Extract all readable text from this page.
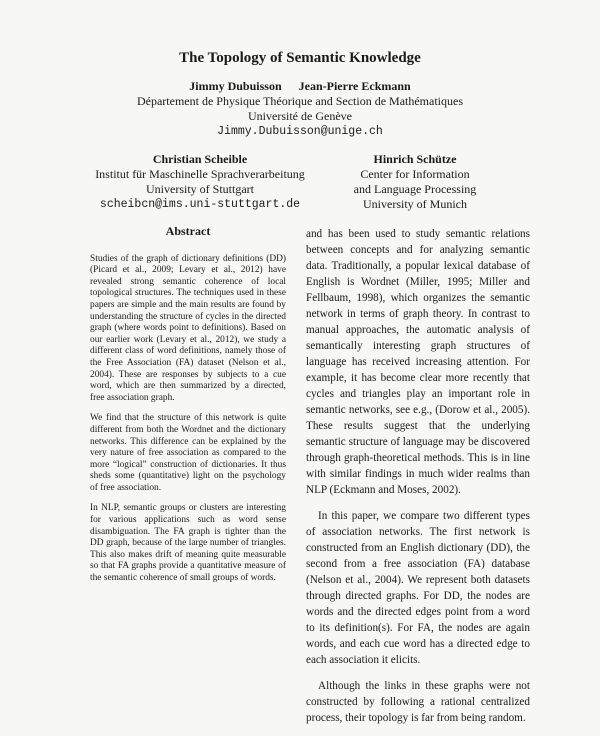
The Topology of Semantic Knowledge
Jimmy Dubuisson Jean-Pierre Eckmann
Département de Physique Théorique and Section de Mathématiques
Université de Genève
Jimmy.Dubuisson@unige.ch
Christian Scheible
Institut für Maschinelle Sprachverarbeitung
University of Stuttgart
scheibcn@ims.uni-stuttgart.de
Hinrich Schütze
Center for Information
and Language Processing
University of Munich
Abstract

Studies of the graph of dictionary definitions (DD) (Picard et al., 2009; Levary et al., 2012) have revealed strong semantic coherence of local topological structures. The techniques used in these papers are simple and the main results are found by understanding the structure of cycles in the directed graph (where words point to definitions). Based on our earlier work (Levary et al., 2012), we study a different class of word definitions, namely those of the Free Association (FA) dataset (Nelson et al., 2004). These are responses by subjects to a cue word, which are then summarized by a directed, free association graph.

We find that the structure of this network is quite different from both the Wordnet and the dictionary networks. This difference can be explained by the very nature of free association as compared to the more “logical” construction of dictionaries. It thus sheds some (quantitative) light on the psychology of free association.

In NLP, semantic groups or clusters are interesting for various applications such as word sense disambiguation. The FA graph is tighter than the DD graph, because of the large number of triangles. This also makes drift of meaning quite measurable so that FA graphs provide a quantitative measure of the semantic coherence of small groups of words.

and has been used to study semantic relations between concepts and for analyzing semantic data. Traditionally, a popular lexical database of English is Wordnet (Miller, 1995; Miller and Fellbaum, 1998), which organizes the semantic network in terms of graph theory. In contrast to manual approaches, the automatic analysis of semantically interesting graph structures of language has received increasing attention. For example, it has become clear more recently that cycles and triangles play an important role in semantic networks, see e.g., (Dorow et al., 2005). These results suggest that the underlying semantic structure of language may be discovered through graph-theoretical methods. This is in line with similar findings in much wider realms than NLP (Eckmann and Moses, 2002).

In this paper, we compare two different types of association networks. The first network is constructed from an English dictionary (DD), the second from a free association (FA) database (Nelson et al., 2004). We represent both datasets through directed graphs. For DD, the nodes are words and the directed edges point from a word to its definition(s). For FA, the nodes are again words, and each cue word has a directed edge to each association it elicits.

Although the links in these graphs were not constructed by following a rational centralized process, their topology is far from being random.
